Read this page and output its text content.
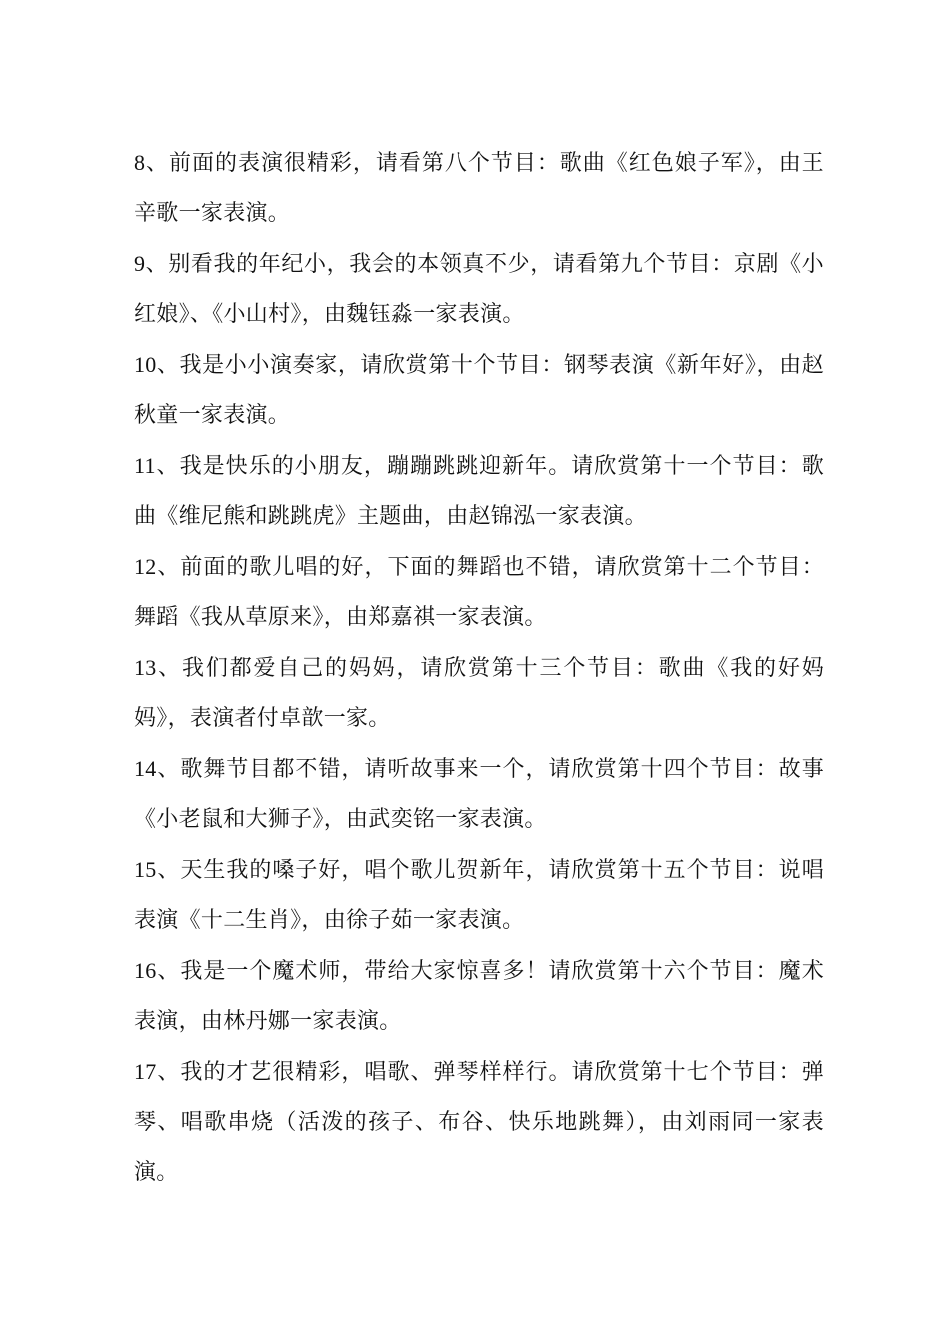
8、前面的表演很精彩，请看第八个节目：歌曲《红色娘子军》，由王辛歌一家表演。

9、别看我的年纪小，我会的本领真不少，请看第九个节目：京剧《小红娘》、《小山村》，由魏钰淼一家表演。

10、我是小小演奏家，请欣赏第十个节目：钢琴表演《新年好》，由赵秋童一家表演。

11、我是快乐的小朋友，蹦蹦跳跳迎新年。请欣赏第十一个节目：歌曲《维尼熊和跳跳虎》主题曲，由赵锦泓一家表演。

12、前面的歌儿唱的好，下面的舞蹈也不错，请欣赏第十二个节目：舞蹈《我从草原来》，由郑嘉祺一家表演。

13、我们都爱自己的妈妈，请欣赏第十三个节目：歌曲《我的好妈妈》，表演者付卓歆一家。

14、歌舞节目都不错，请听故事来一个，请欣赏第十四个节目：故事《小老鼠和大狮子》，由武奕铭一家表演。

15、天生我的嗓子好，唱个歌儿贺新年，请欣赏第十五个节目：说唱表演《十二生肖》，由徐子茹一家表演。

16、我是一个魔术师，带给大家惊喜多！请欣赏第十六个节目：魔术表演，由林丹娜一家表演。

17、我的才艺很精彩，唱歌、弹琴样样行。请欣赏第十七个节目：弹琴、唱歌串烧（活泼的孩子、布谷、快乐地跳舞），由刘雨同一家表演。
